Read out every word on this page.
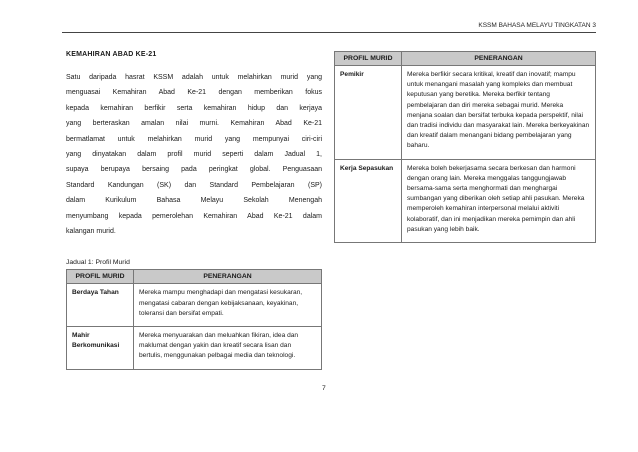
KSSM BAHASA MELAYU TINGKATAN 3
KEMAHIRAN ABAD KE-21
Satu daripada hasrat KSSM adalah untuk melahirkan murid yang
menguasai Kemahiran Abad Ke-21 dengan memberikan fokus
kepada kemahiran berfikir serta kemahiran hidup dan kerjaya
yang berteraskan amalan nilai murni. Kemahiran Abad Ke-21
bermatlamat untuk melahirkan murid yang mempunyai ciri-ciri
yang dinyatakan dalam profil murid seperti dalam Jadual 1,
supaya berupaya bersaing pada peringkat global. Penguasaan
Standard Kandungan (SK) dan Standard Pembelajaran (SP)
dalam Kurikulum Bahasa Melayu Sekolah Menengah
menyumbang kepada pemerolehan Kemahiran Abad Ke-21 dalam
kalangan murid.
Jadual 1: Profil Murid
PROFIL MURID	PENERANGAN
Berdaya Tahan	Mereka mampu menghadapi dan mengatasi kesukaran, mengatasi cabaran dengan kebijaksanaan, keyakinan, toleransi dan bersifat empati.
Mahir Berkomunikasi	Mereka menyuarakan dan meluahkan fikiran, idea dan maklumat dengan yakin dan kreatif secara lisan dan bertulis, menggunakan pelbagai media dan teknologi.
PROFIL MURID	PENERANGAN
Pemikir	Mereka berfikir secara kritikal, kreatif dan inovatif; mampu untuk menangani masalah yang kompleks dan membuat keputusan yang beretika. Mereka berfikir tentang pembelajaran dan diri mereka sebagai murid. Mereka menjana soalan dan bersifat terbuka kepada perspektif, nilai dan tradisi individu dan masyarakat lain. Mereka berkeyakinan dan kreatif dalam menangani bidang pembelajaran yang baharu.
Kerja Sepasukan	Mereka boleh bekerjasama secara berkesan dan harmoni dengan orang lain. Mereka menggalas tanggungjawab bersama-sama serta menghormati dan menghargai sumbangan yang diberikan oleh setiap ahli pasukan. Mereka memperoleh kemahiran interpersonal melalui aktiviti kolaboratif, dan ini menjadikan mereka pemimpin dan ahli pasukan yang lebih baik.
7
